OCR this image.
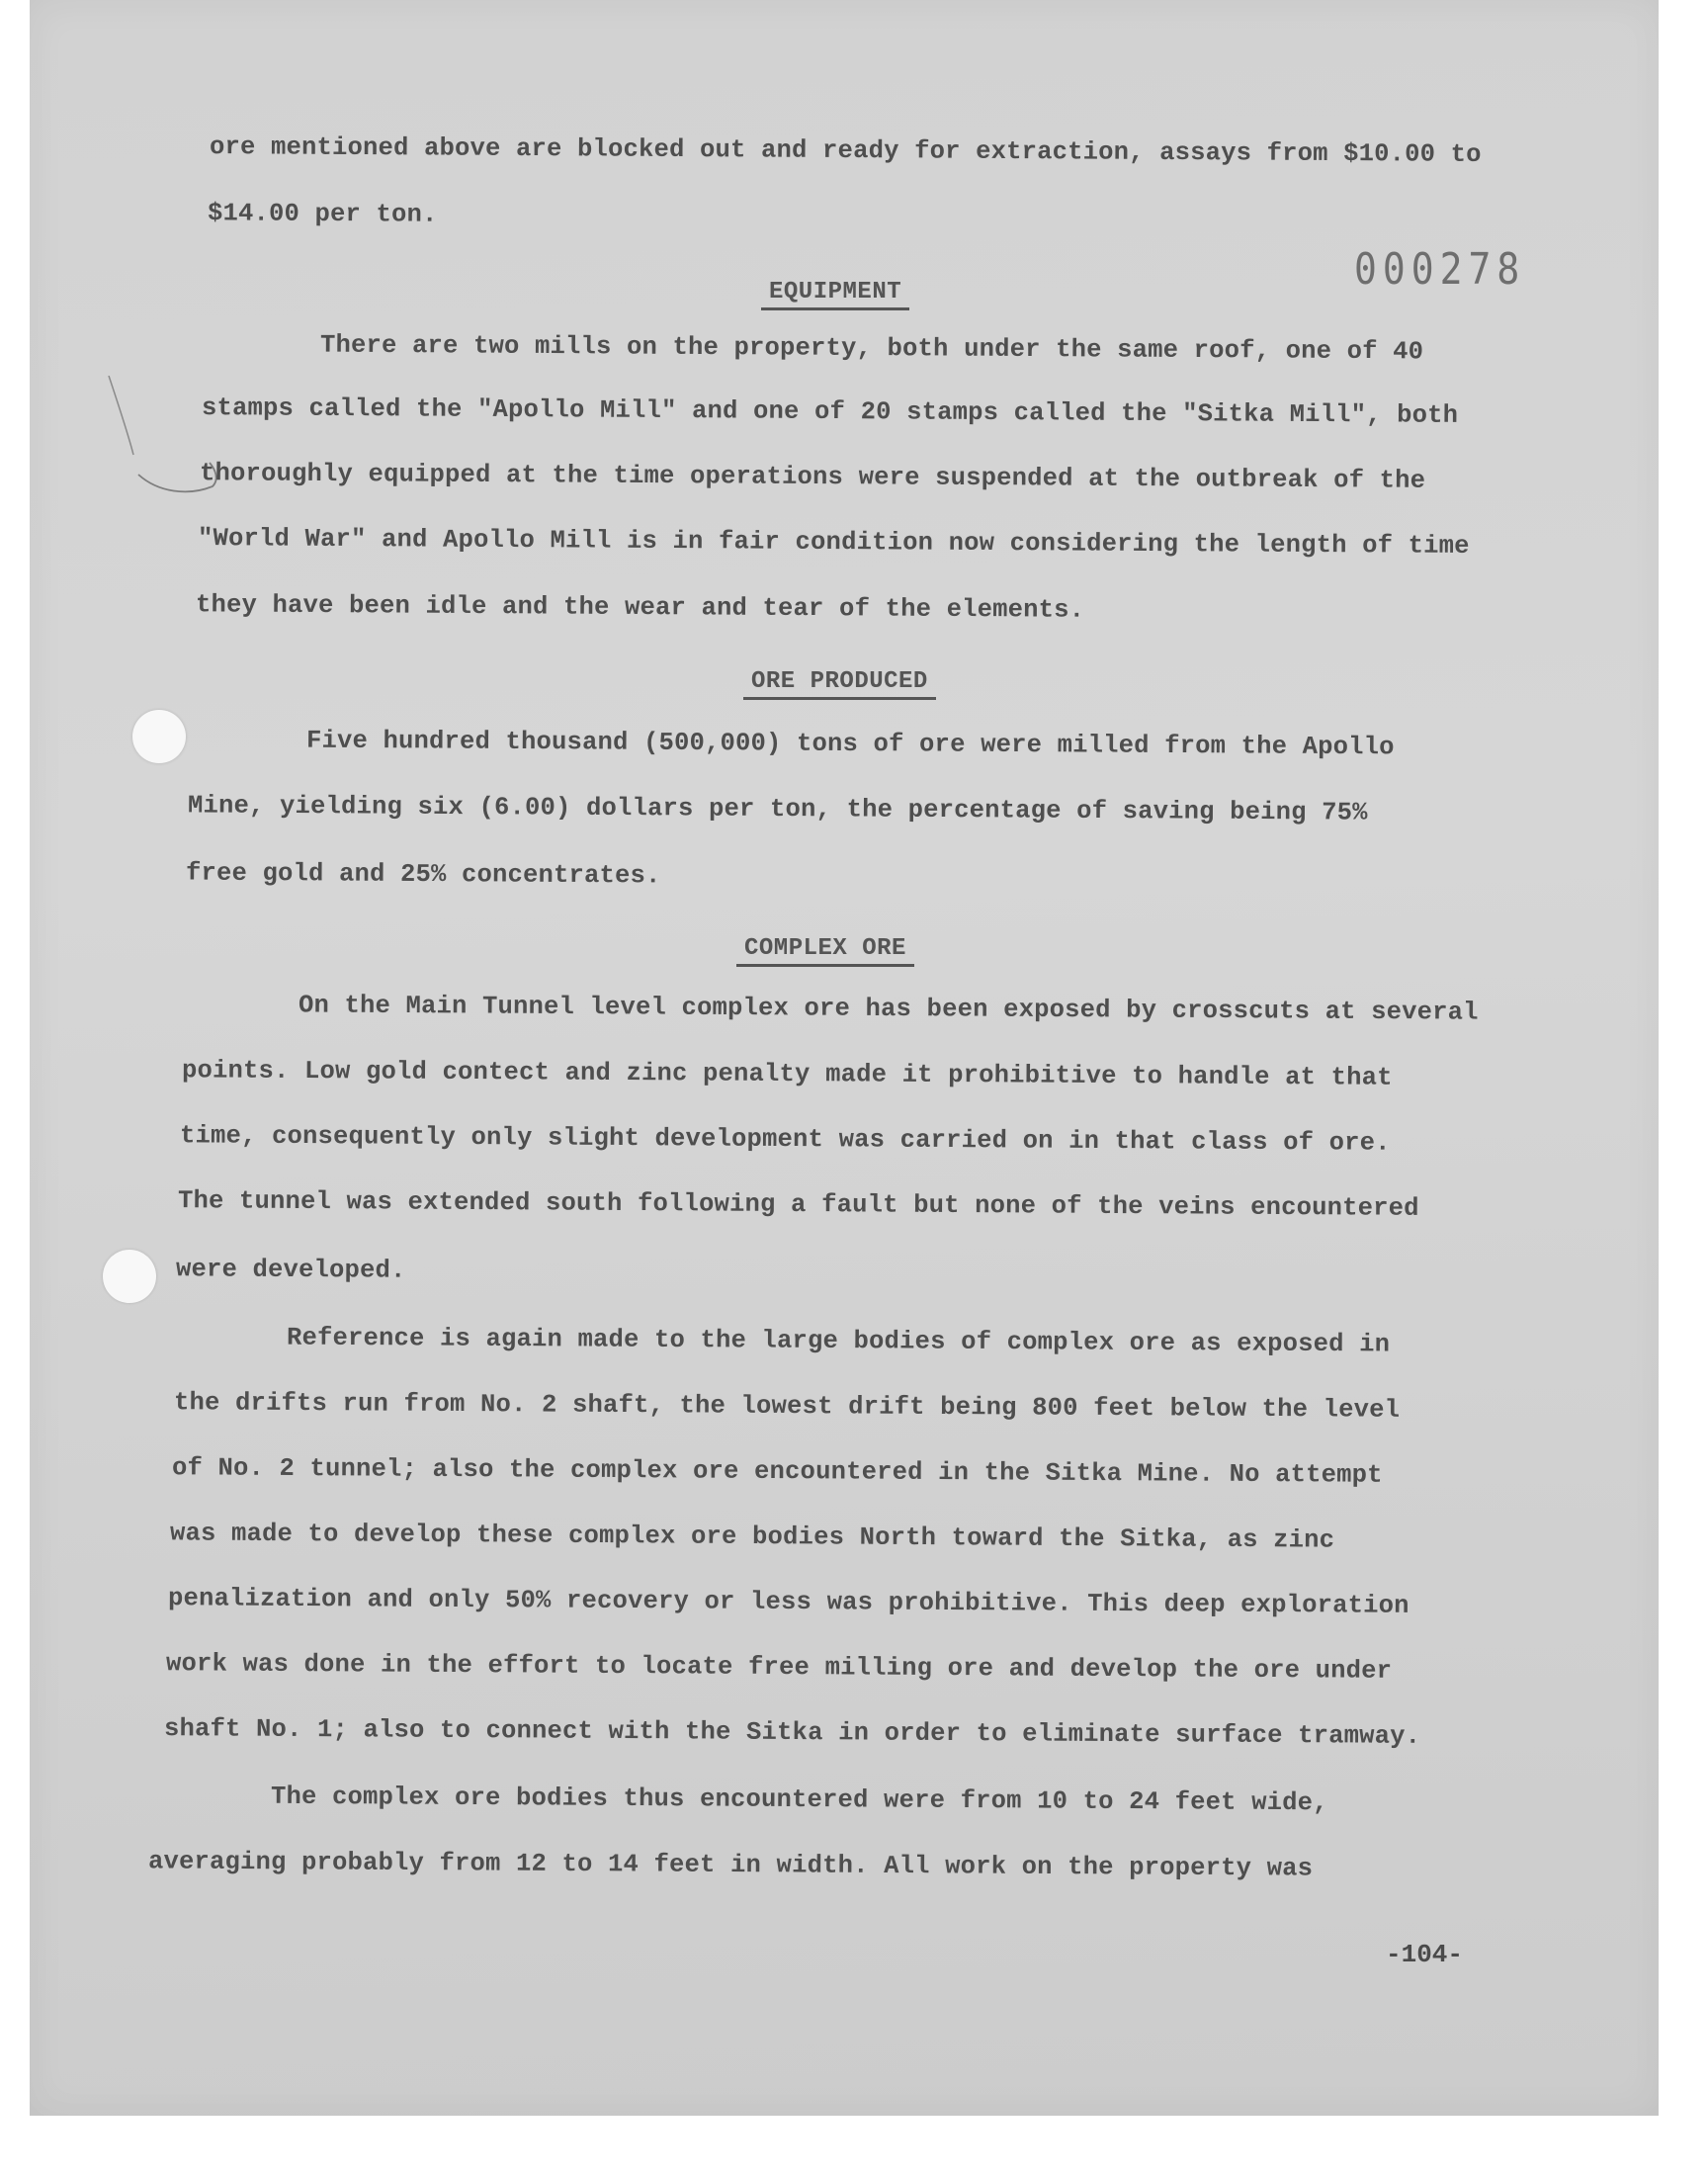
000278
ore mentioned above are blocked out and ready for extraction, assays from $10.00 to
$14.00 per ton.
EQUIPMENT
There are two mills on the property, both under the same roof, one of 40
stamps called the "Apollo Mill" and one of 20 stamps called the "Sitka Mill", both
thoroughly equipped at the time operations were suspended at the outbreak of the
"World War" and Apollo Mill is in fair condition now considering the length of time
they have been idle and the wear and tear of the elements.
ORE PRODUCED
Five hundred thousand (500,000) tons of ore were milled from the Apollo
Mine, yielding six (6.00) dollars per ton, the percentage of saving being 75%
free gold and 25% concentrates.
COMPLEX ORE
On the Main Tunnel level complex ore has been exposed by crosscuts at several
points. Low gold contect and zinc penalty made it prohibitive to handle at that
time, consequently only slight development was carried on in that class of ore.
The tunnel was extended south following a fault but none of the veins encountered
were developed.
Reference is again made to the large bodies of complex ore as exposed in
the drifts run from No. 2 shaft, the lowest drift being 800 feet below the level
of No. 2 tunnel; also the complex ore encountered in the Sitka Mine. No attempt
was made to develop these complex ore bodies North toward the Sitka, as zinc
penalization and only 50% recovery or less was prohibitive. This deep exploration
work was done in the effort to locate free milling ore and develop the ore under
shaft No. 1; also to connect with the Sitka in order to eliminate surface tramway.
The complex ore bodies thus encountered were from 10 to 24 feet wide,
averaging probably from 12 to 14 feet in width. All work on the property was
-104-
